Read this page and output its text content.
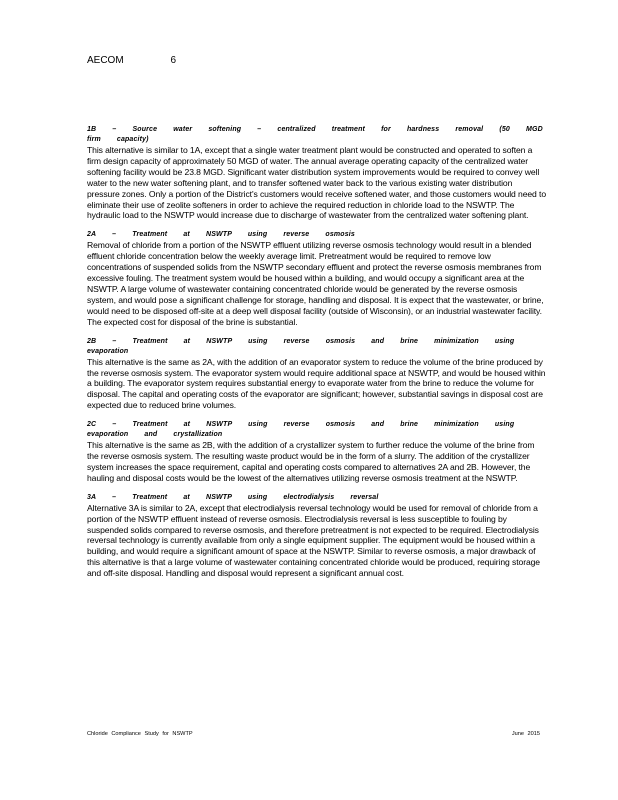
AECOM	6

1B – Source water softening – centralized treatment for hardness removal (50 MGD firm capacity)

This alternative is similar to 1A, except that a single water treatment plant would be constructed and operated to soften a firm design capacity of approximately 50 MGD of water. The annual average operating capacity of the centralized water softening facility would be 23.8 MGD. Significant water distribution system improvements would be required to convey well water to the new water softening plant, and to transfer softened water back to the various existing water distribution pressure zones. Only a portion of the District's customers would receive softened water, and those customers would need to eliminate their use of zeolite softeners in order to achieve the required reduction in chloride load to the NSWTP. The hydraulic load to the NSWTP would increase due to discharge of wastewater from the centralized water softening plant.

2A – Treatment at NSWTP using reverse osmosis

Removal of chloride from a portion of the NSWTP effluent utilizing reverse osmosis technology would result in a blended effluent chloride concentration below the weekly average limit. Pretreatment would be required to remove low concentrations of suspended solids from the NSWTP secondary effluent and protect the reverse osmosis membranes from excessive fouling. The treatment system would be housed within a building, and would occupy a significant area at the NSWTP. A large volume of wastewater containing concentrated chloride would be generated by the reverse osmosis system, and would pose a significant challenge for storage, handling and disposal. It is expect that the wastewater, or brine, would need to be disposed off-site at a deep well disposal facility (outside of Wisconsin), or an industrial wastewater facility. The expected cost for disposal of the brine is substantial.

2B – Treatment at NSWTP using reverse osmosis and brine minimization using evaporation

This alternative is the same as 2A, with the addition of an evaporator system to reduce the volume of the brine produced by the reverse osmosis system. The evaporator system would require additional space at NSWTP, and would be housed within a building. The evaporator system requires substantial energy to evaporate water from the brine to reduce the volume for disposal. The capital and operating costs of the evaporator are significant; however, substantial savings in disposal cost are expected due to reduced brine volumes.

2C – Treatment at NSWTP using reverse osmosis and brine minimization using evaporation and crystallization

This alternative is the same as 2B, with the addition of a crystallizer system to further reduce the volume of the brine from the reverse osmosis system. The resulting waste product would be in the form of a slurry. The addition of the crystallizer system increases the space requirement, capital and operating costs compared to alternatives 2A and 2B. However, the hauling and disposal costs would be the lowest of the alternatives utilizing reverse osmosis treatment at the NSWTP.

3A – Treatment at NSWTP using electrodialysis reversal

Alternative 3A is similar to 2A, except that electrodialysis reversal technology would be used for removal of chloride from a portion of the NSWTP effluent instead of reverse osmosis. Electrodialysis reversal is less susceptible to fouling by suspended solids compared to reverse osmosis, and therefore pretreatment is not expected to be required. Electrodialysis reversal technology is currently available from only a single equipment supplier. The equipment would be housed within a building, and would require a significant amount of space at the NSWTP. Similar to reverse osmosis, a major drawback of this alternative is that a large volume of wastewater containing concentrated chloride would be produced, requiring storage and off-site disposal. Handling and disposal would represent a significant annual cost.

Chloride Compliance Study for NSWTP	June 2015
